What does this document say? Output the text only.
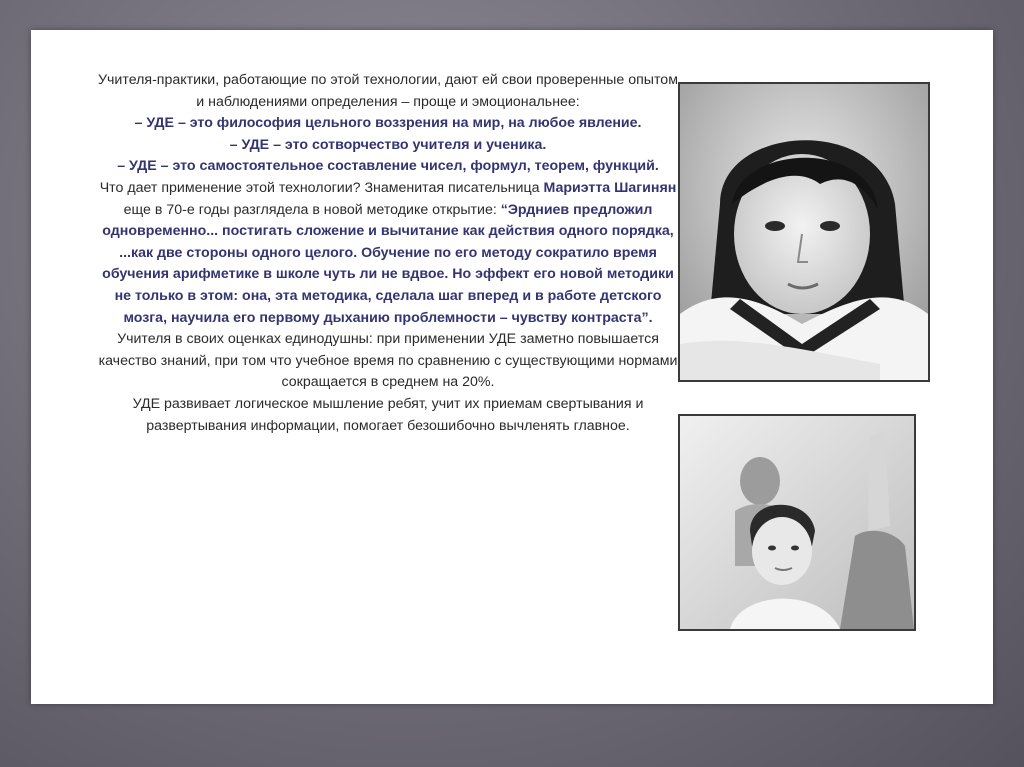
Учителя-практики, работающие по этой технологии, дают ей свои проверенные опытом и наблюдениями определения – проще и эмоциональнее:

– УДЕ – это философия цельного воззрения на мир, на любое явление.

– УДЕ – это сотворчество учителя и ученика.

– УДЕ – это самостоятельное составление чисел, формул, теорем, функций.

Что дает применение этой технологии? Знаменитая писательница Мариэтта Шагинян еще в 70-е годы разглядела в новой методике открытие: “Эрдниев предложил одновременно... постигать сложение и вычитание как действия одного порядка, ...как две стороны одного целого. Обучение по его методу сократило время обучения арифметике в школе чуть ли не вдвое. Но эффект его новой методики не только в этом: она, эта методика, сделала шаг вперед и в работе детского мозга, научила его первому дыханию проблемности – чувству контраста”.

Учителя в своих оценках единодушны: при применении УДЕ заметно повышается качество знаний, при том что учебное время по сравнению с существующими нормами сокращается в среднем на 20%.

УДЕ развивает логическое мышление ребят, учит их приемам свертывания и развертывания информации, помогает безошибочно вычленять главное.
